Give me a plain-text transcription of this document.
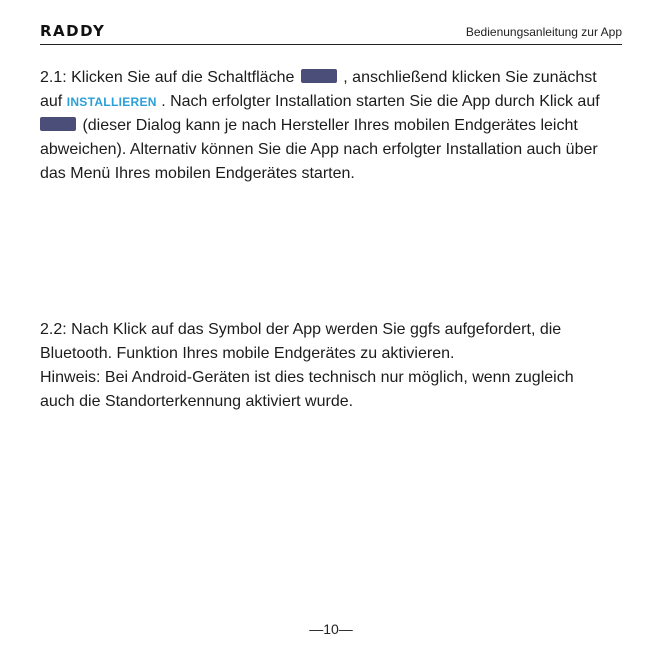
RADDY	Bedienungsanleitung zur App

2.1: Klicken Sie auf die Schaltfläche	, anschließend klicken Sie zunächst

auf INSTALLIEREN . Nach erfolgter Installation starten Sie die App durch Klick auf

(dieser Dialog kann je nach Hersteller Ihres mobilen Endgerätes leicht

abweichen). Alternativ können Sie die App nach erfolgter Installation auch über

das Menü Ihres mobilen Endgerätes starten.

2.2: Nach Klick auf das Symbol der App werden Sie ggfs aufgefordert, die

Bluetooth. Funktion Ihres mobile Endgerätes zu aktivieren.

Hinweis: Bei Android-Geräten ist dies technisch nur möglich, wenn zugleich

auch die Standorterkennung aktiviert wurde.

—10—
